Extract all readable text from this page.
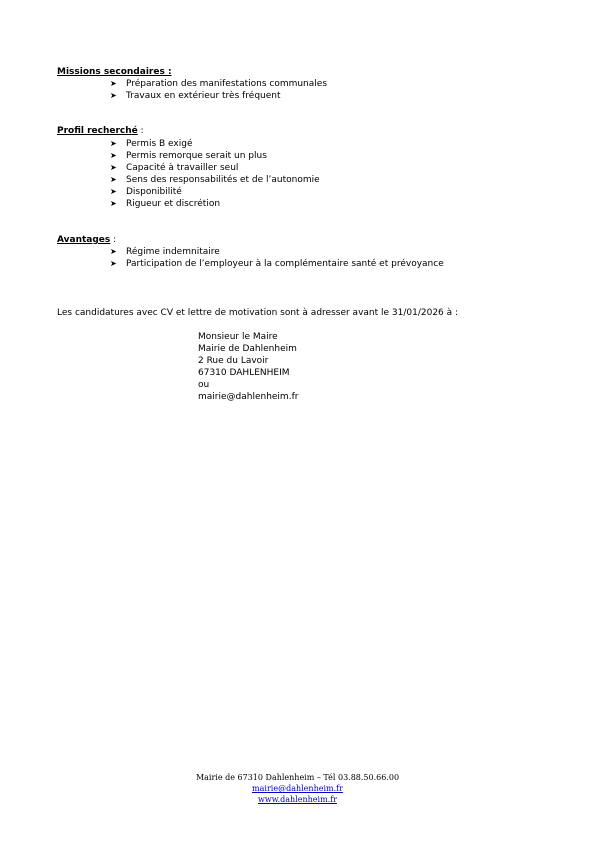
Missions secondaires :
➤ Préparation des manifestations communales
➤ Travaux en extérieur très fréquent
Profil recherché :
➤ Permis B exigé
➤ Permis remorque serait un plus
➤ Capacité à travailler seul
➤ Sens des responsabilités et de l’autonomie
➤ Disponibilité
➤ Rigueur et discrétion
Avantages :
➤ Régime indemnitaire
➤ Participation de l’employeur à la complémentaire santé et prévoyance
Les candidatures avec CV et lettre de motivation sont à adresser avant le 31/01/2026 à :
Monsieur le Maire
Mairie de Dahlenheim
2 Rue du Lavoir
67310 DAHLENHEIM
ou
mairie@dahlenheim.fr
Mairie de 67310 Dahlenheim – Tél 03.88.50.66.00
mairie@dahlenheim.fr
www.dahlenheim.fr
